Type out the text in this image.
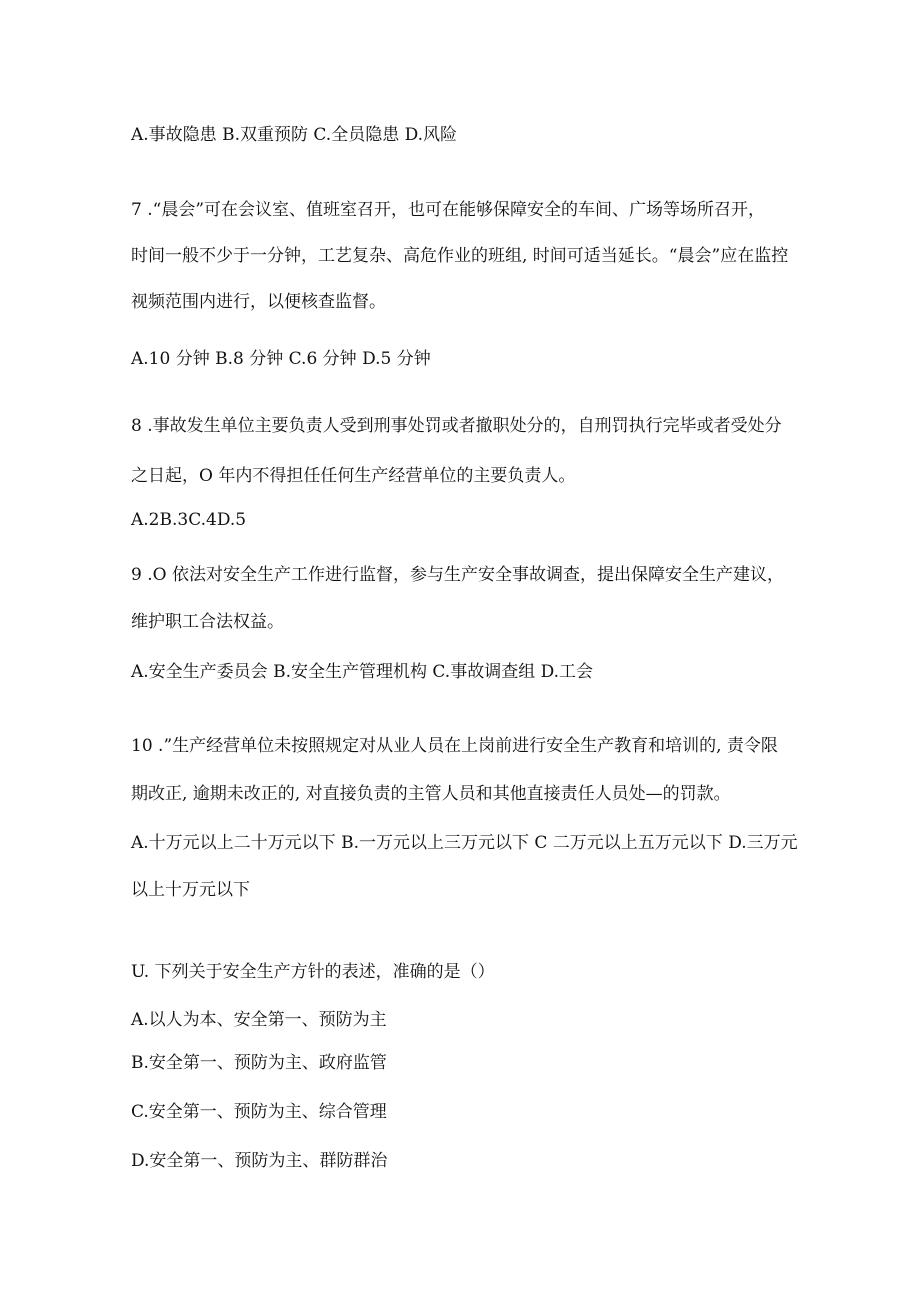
A.事故隐患 B.双重预防 C.全员隐患 D.风险
7 .“晨会”可在会议室、值班室召开，也可在能够保障安全的车间、广场等场所召开，
时间一般不少于一分钟，工艺复杂、高危作业的班组, 时间可适当延长。“晨会”应在监控
视频范围内进行，以便核查监督。
A.10 分钟 B.8 分钟 C.6 分钟 D.5 分钟
8 .事故发生单位主要负责人受到刑事处罚或者撤职处分的，自刑罚执行完毕或者受处分
之日起，O 年内不得担任任何生产经营单位的主要负责人。
A.2B.3C.4D.5
9 .O 依法对安全生产工作进行监督，参与生产安全事故调查，提出保障安全生产建议，
维护职工合法权益。
A.安全生产委员会 B.安全生产管理机构 C.事故调查组 D.工会
10 .”生产经营单位未按照规定对从业人员在上岗前进行安全生产教育和培训的, 责令限
期改正, 逾期未改正的, 对直接负责的主管人员和其他直接责任人员处—的罚款。
A.十万元以上二十万元以下 B.一万元以上三万元以下 C 二万元以上五万元以下 D.三万元
以上十万元以下
U. 下列关于安全生产方针的表述，准确的是（）
A.以人为本、安全第一、预防为主
B.安全第一、预防为主、政府监管
C.安全第一、预防为主、综合管理
D.安全第一、预防为主、群防群治
